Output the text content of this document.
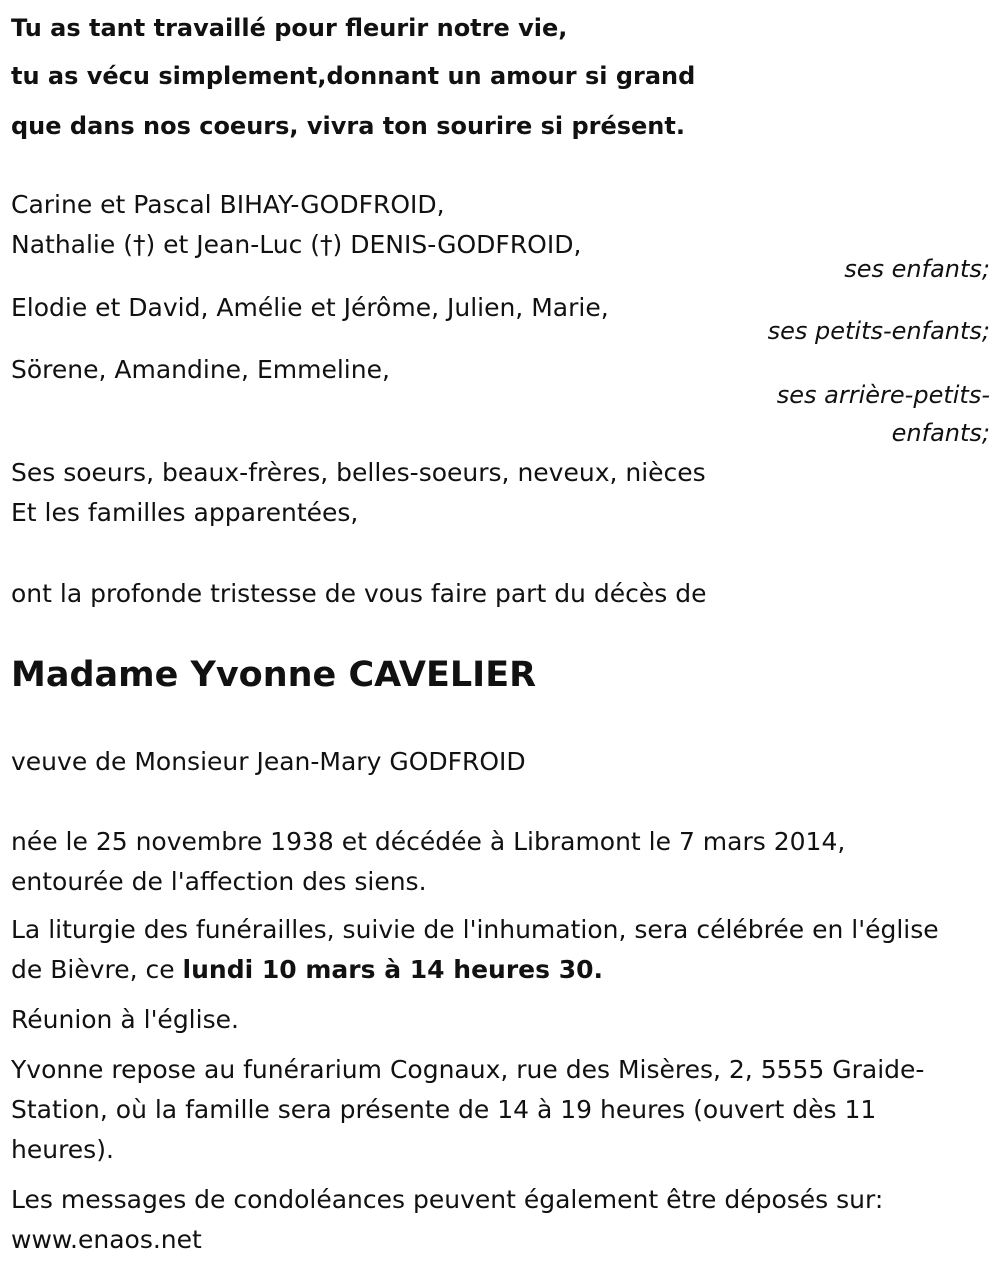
Tu as tant travaillé pour fleurir notre vie,
tu as vécu simplement,donnant un amour si grand
que dans nos coeurs, vivra ton sourire si présent.
Carine et Pascal BIHAY-GODFROID,
Nathalie (†) et Jean-Luc (†) DENIS-GODFROID,
ses enfants;
Elodie et David, Amélie et Jérôme, Julien, Marie,
ses petits-enfants;
Sörene, Amandine, Emmeline,
ses arrière-petits-
enfants;
Ses soeurs, beaux-frères, belles-soeurs, neveux, nièces
Et les familles apparentées,
ont la profonde tristesse de vous faire part du décès de
Madame Yvonne CAVELIER
veuve de Monsieur Jean-Mary GODFROID
née le 25 novembre 1938 et décédée à Libramont le 7 mars 2014,
entourée de l'affection des siens.
La liturgie des funérailles, suivie de l'inhumation, sera célébrée en l'église
de Bièvre, ce lundi 10 mars à 14 heures 30.
Réunion à l'église.
Yvonne repose au funérarium Cognaux, rue des Misères, 2, 5555 Graide-
Station, où la famille sera présente de 14 à 19 heures (ouvert dès 11
heures).
Les messages de condoléances peuvent également être déposés sur:
www.enaos.net
